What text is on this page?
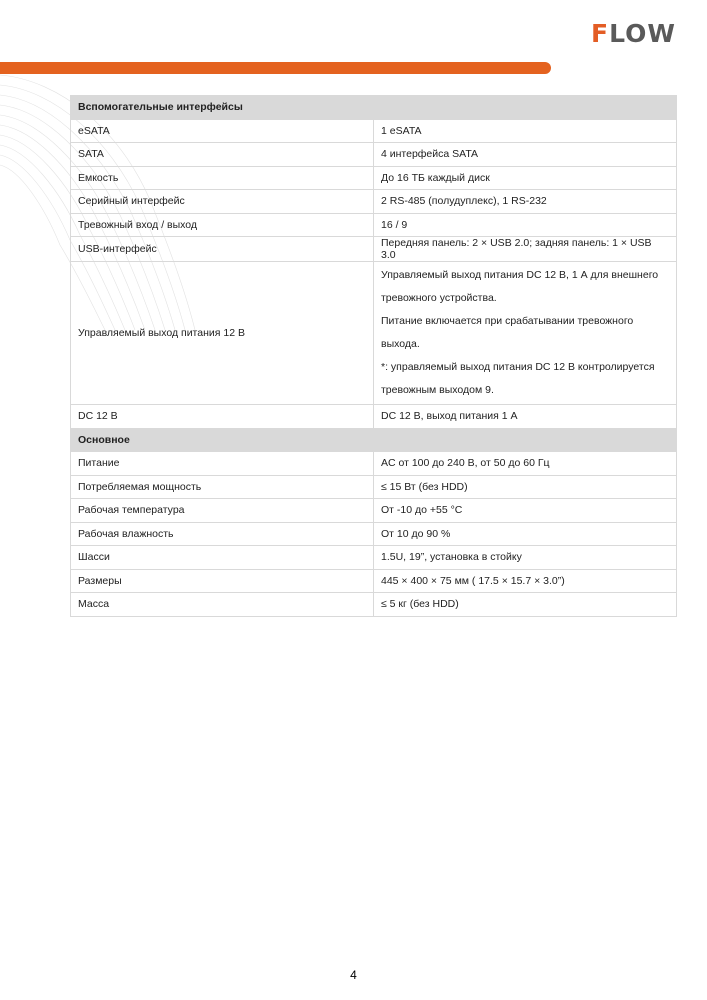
FLOW
Вспомогательные интерфейсы	
eSATA	1 eSATA
SATA	4 интерфейса SATA
Емкость	До 16 ТБ каждый диск
Серийный интерфейс	2 RS-485 (полудуплекс), 1 RS-232
Тревожный вход / выход	16 / 9
USB-интерфейс	Передняя панель: 2 × USB 2.0; задняя панель: 1 × USB 3.0
Управляемый выход питания 12 В	Управляемый выход питания DC 12 В, 1 А для внешнего тревожного устройства.
Питание включается при срабатывании тревожного выхода.
*: управляемый выход питания DC 12 В контролируется тревожным выходом 9.

DC 12 В	DC 12 В, выход питания 1 А
Основное	
Питание	AC от 100 до 240 В, от 50 до 60 Гц
Потребляемая мощность	≤ 15 Вт (без HDD)
Рабочая температура	От -10 до +55 °C
Рабочая влажность	От 10 до 90 %
Шасси	1.5U, 19”, установка в стойку
Размеры	445 × 400 × 75 мм ( 17.5 × 15.7 × 3.0”)
Масса	≤ 5 кг (без HDD)
4
